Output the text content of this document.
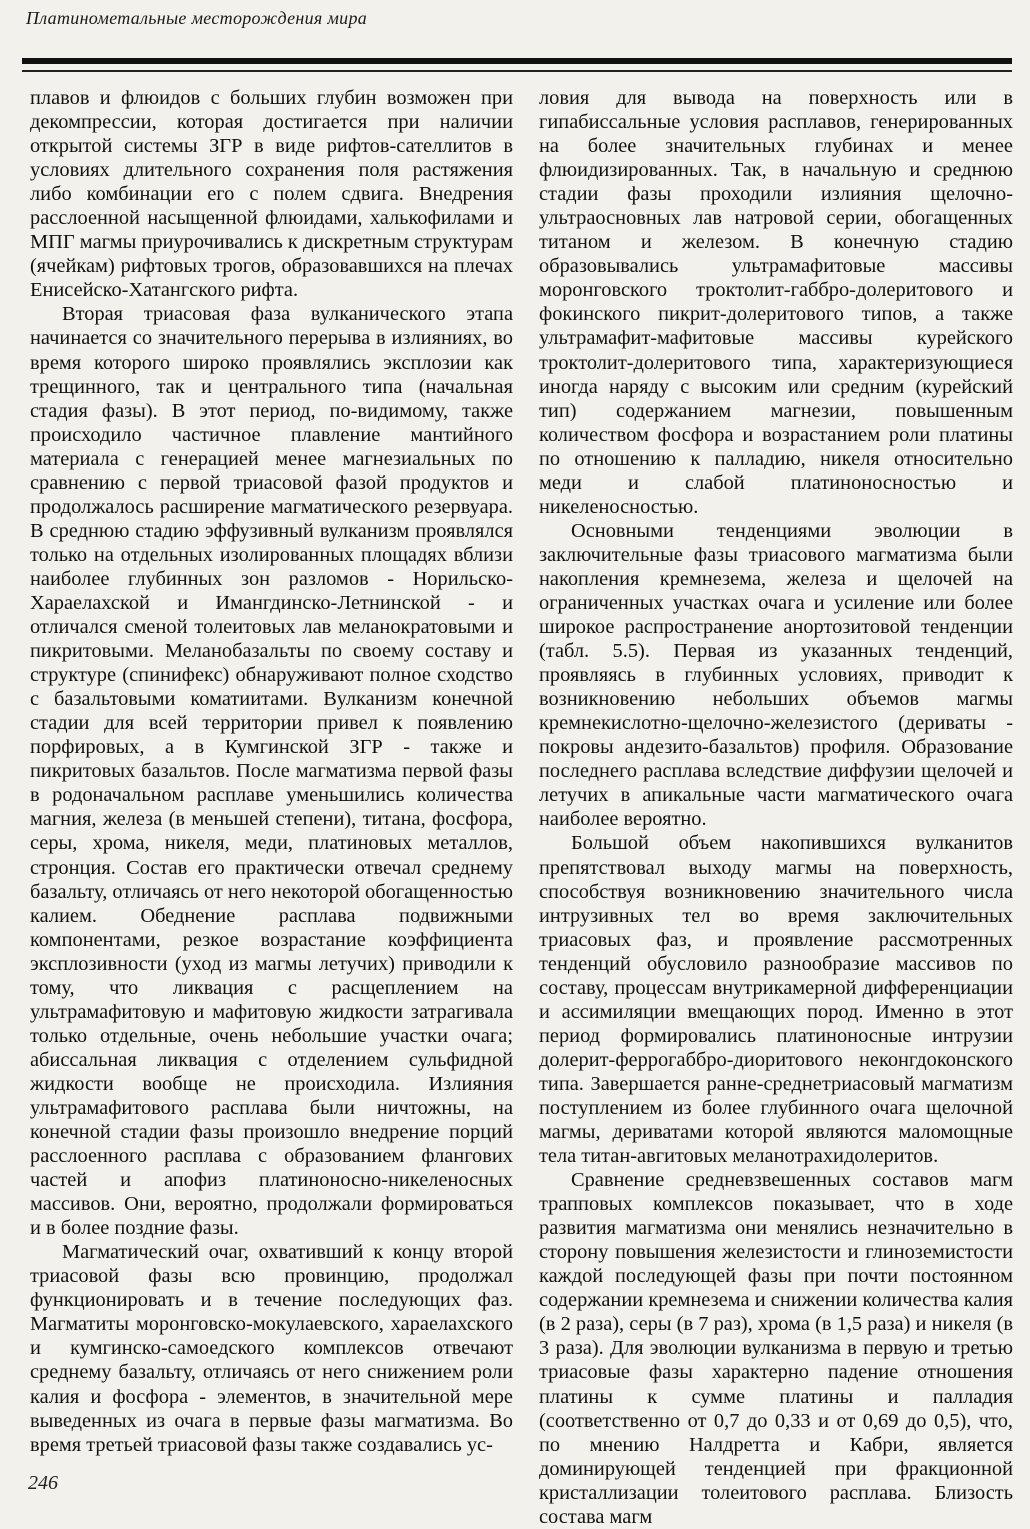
Платинометальные месторождения мира

плавов и флюидов с больших глубин возможен при декомпрессии, которая достигается при наличии открытой системы ЗГР в виде рифтов-сателлитов в условиях длительного сохранения поля растяжения либо комбинации его с полем сдвига. Внедрения расслоенной насыщенной флюидами, халькофилами и МПГ магмы приурочивались к дискретным структурам (ячейкам) рифтовых трогов, образовавшихся на плечах Енисейско-Хатангского рифта.

Вторая триасовая фаза вулканического этапа начинается со значительного перерыва в излияниях, во время которого широко проявлялись эксплозии как трещинного, так и центрального типа (начальная стадия фазы). В этот период, по-видимому, также происходило частичное плавление мантийного материала с генерацией менее магнезиальных по сравнению с первой триасовой фазой продуктов и продолжалось расширение магматического резервуара. В среднюю стадию эффузивный вулканизм проявлялся только на отдельных изолированных площадях вблизи наиболее глубинных зон разломов - Норильско-Хараелахской и Имангдинско-Летнинской - и отличался сменой толеитовых лав меланократовыми и пикритовыми. Меланобазальты по своему составу и структуре (спинифекс) обнаруживают полное сходство с базальтовыми коматиитами. Вулканизм конечной стадии для всей территории привел к появлению порфировых, а в Кумгинской ЗГР - также и пикритовых базальтов. После магматизма первой фазы в родоначальном расплаве уменьшились количества магния, железа (в меньшей степени), титана, фосфора, серы, хрома, никеля, меди, платиновых металлов, стронция. Состав его практически отвечал среднему базальту, отличаясь от него некоторой обогащенностью калием. Обеднение расплава подвижными компонентами, резкое возрастание коэффициента эксплозивности (уход из магмы летучих) приводили к тому, что ликвация с расщеплением на ультрамафитовую и мафитовую жидкости затрагивала только отдельные, очень небольшие участки очага; абиссальная ликвация с отделением сульфидной жидкости вообще не происходила. Излияния ультрамафитового расплава были ничтожны, на конечной стадии фазы произошло внедрение порций расслоенного расплава с образованием флангових частей и апофиз платиноносно-никеленосных массивов. Они, вероятно, продолжали формироваться и в более поздние фазы.

Магматический очаг, охвативший к концу второй триасовой фазы всю провинцию, продолжал функционировать и в течение последующих фаз. Магматиты моронговско-мокулаевского, хараелахского и кумгинско-самоедского комплексов отвечают среднему базальту, отличаясь от него снижением роли калия и фосфора - элементов, в значительной мере выведенных из очага в первые фазы магматизма. Во время третьей триасовой фазы также создавались ус-

ловия для вывода на поверхность или в гипабиссальные условия расплавов, генерированных на более значительных глубинах и менее флюидизированных. Так, в начальную и среднюю стадии фазы проходили излияния щелочно-ультраосновных лав натровой серии, обогащенных титаном и железом. В конечную стадию образовывались ультрамафитовые массивы моронговского троктолит-габбро-долеритового и фокинского пикрит-долеритового типов, а также ультрамафит-мафитовые массивы курейского троктолит-долеритового типа, характеризующиеся иногда наряду с высоким или средним (курейский тип) содержанием магнезии, повышенным количеством фосфора и возрастанием роли платины по отношению к палладию, никеля относительно меди и слабой платиноносностью и никеленосностью.

Основными тенденциями эволюции в заключительные фазы триасового магматизма были накопления кремнезема, железа и щелочей на ограниченных участках очага и усиление или более широкое распространение анортозитовой тенденции (табл. 5.5). Первая из указанных тенденций, проявляясь в глубинных условиях, приводит к возникновению небольших объемов магмы кремнекислотно-щелочно-железистого (дериваты - покровы андезито-базальтов) профиля. Образование последнего расплава вследствие диффузии щелочей и летучих в апикальные части магматического очага наиболее вероятно.

Большой объем накопившихся вулканитов препятствовал выходу магмы на поверхность, способствуя возникновению значительного числа интрузивных тел во время заключительных триасовых фаз, и проявление рассмотренных тенденций обусловило разнообразие массивов по составу, процессам внутрикамерной дифференциации и ассимиляции вмещающих пород. Именно в этот период формировались платиноносные интрузии долерит-феррогаббро-диоритового неконгдоконского типа. Завершается ранне-среднетриасовый магматизм поступлением из более глубинного очага щелочной магмы, дериватами которой являются маломощные тела титан-авгитовых меланотрахидолеритов.

Сравнение средневзвешенных составов магм трапповых комплексов показывает, что в ходе развития магматизма они менялись незначительно в сторону повышения железистости и глиноземистости каждой последующей фазы при почти постоянном содержании кремнезема и снижении количества калия (в 2 раза), серы (в 7 раз), хрома (в 1,5 раза) и никеля (в 3 раза). Для эволюции вулканизма в первую и третью триасовые фазы характерно падение отношения платины к сумме платины и палладия (соответственно от 0,7 до 0,33 и от 0,69 до 0,5), что, по мнению Налдретта и Кабри, является доминирующей тенденцией при фракционной кристаллизации толеитового расплава. Близость состава магм

246
